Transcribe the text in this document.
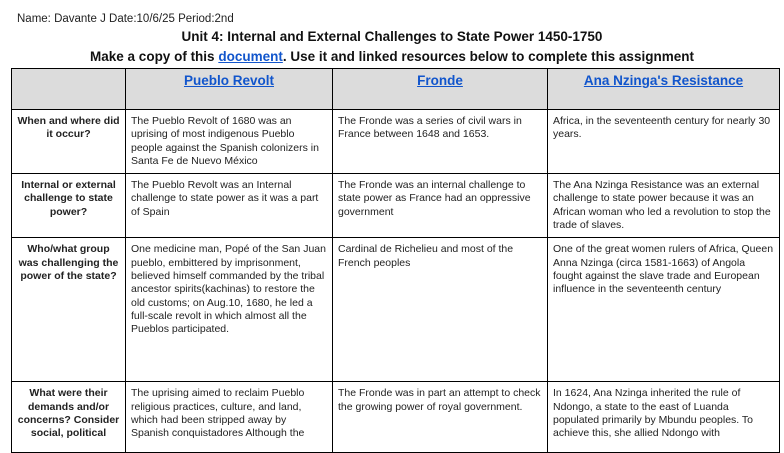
Name: Davante J Date:10/6/25 Period:2nd
Unit 4: Internal and External Challenges to State Power 1450-1750
Make a copy of this document. Use it and linked resources below to complete this assignment
	Pueblo Revolt	Fronde	Ana Nzinga's Resistance
When and where did it occur?	The Pueblo Revolt of 1680 was an uprising of most indigenous Pueblo people against the Spanish colonizers in Santa Fe de Nuevo México	The Fronde was a series of civil wars in France between 1648 and 1653.	Africa, in the seventeenth century for nearly 30 years.
Internal or external challenge to state power?	The Pueblo Revolt was an Internal challenge to state power as it was a part of Spain	The Fronde was an internal challenge to state power as France had an oppressive government	The Ana Nzinga Resistance was an external challenge to state power because it was an African woman who led a revolution to stop the trade of slaves.
Who/what group was challenging the power of the state?	One medicine man, Popé of the San Juan pueblo, embittered by imprisonment, believed himself commanded by the tribal ancestor spirits(kachinas) to restore the old customs; on Aug.10, 1680, he led a full-scale revolt in which almost all the Pueblos participated.	Cardinal de Richelieu and most of the French peoples	One of the great women rulers of Africa, Queen Anna Nzinga (circa 1581-1663) of Angola fought against the slave trade and European influence in the seventeenth century
What were their demands and/or concerns? Consider social, political	The uprising aimed to reclaim Pueblo religious practices, culture, and land, which had been stripped away by Spanish conquistadores Although the	The Fronde was in part an attempt to check the growing power of royal government.	In 1624, Ana Nzinga inherited the rule of Ndongo, a state to the east of Luanda populated primarily by Mbundu peoples. To achieve this, she allied Ndongo with
